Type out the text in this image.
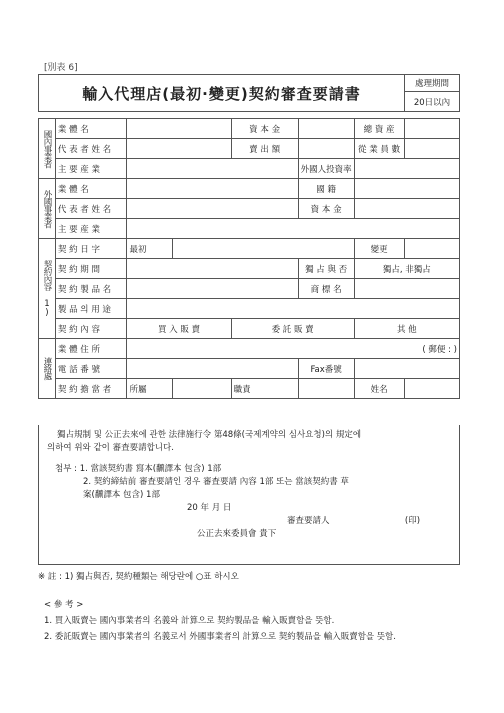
[別表 6]
輸入代理店(最初·變更)契約審査要請書	處理期間
20日以內
國內事業者	業 體 名			資 本 金		總 資 産	
	代 表 者 姓 名			賣 出 額		從 業 員 數	
	主 要 産 業				外國人投資率		
外國事業者	業 體 名				國 籍		
	代 表 者 姓 名				資 本 金		
	主 要 産 業						
契約內容 1)	契 約 日 字	最初				變更	
	契 約 期 間				獨 占 與 否	獨占, 非獨占	
	契 約 製 品 名				商 標 名		
	製 品 의 用 途						
	契 約 內 容	買 入 販 賣		委 託 販 賣		其 他	
連絡處	業 體 住 所	( 郵便 : )					
	電 話 番 號				Fax番號		
	契 約 擔 當 者	所屬		職責		姓名	

獨占規制 및 公正去來에 관한 法律施行令 第48條(국제계약의 심사요청)의 規定에

의하여 위와 같이 審査要請합니다.

첨부 : 1. 當該契約書 寫本(飜譯本 包含) 1部

2. 契約締結前 審査要請인 경우 審査要請 內容 1部 또는 當該契約書 草

案(飜譯本 包含) 1部

20 年 月 日

審査要請人	(印)

公正去來委員會 貴下

※ 註 : 1) 獨占與否, 契約種類는 해당란에 ○표 하시오
< 參 考 >
1. 買入販賣는 國內事業者의 名義와 計算으로 契約製品을 輸入販賣함을 뜻함.
2. 委託販賣는 國內事業者의 名義로서 外國事業者의 計算으로 契約製品을 輸入販賣함을 뜻함.
